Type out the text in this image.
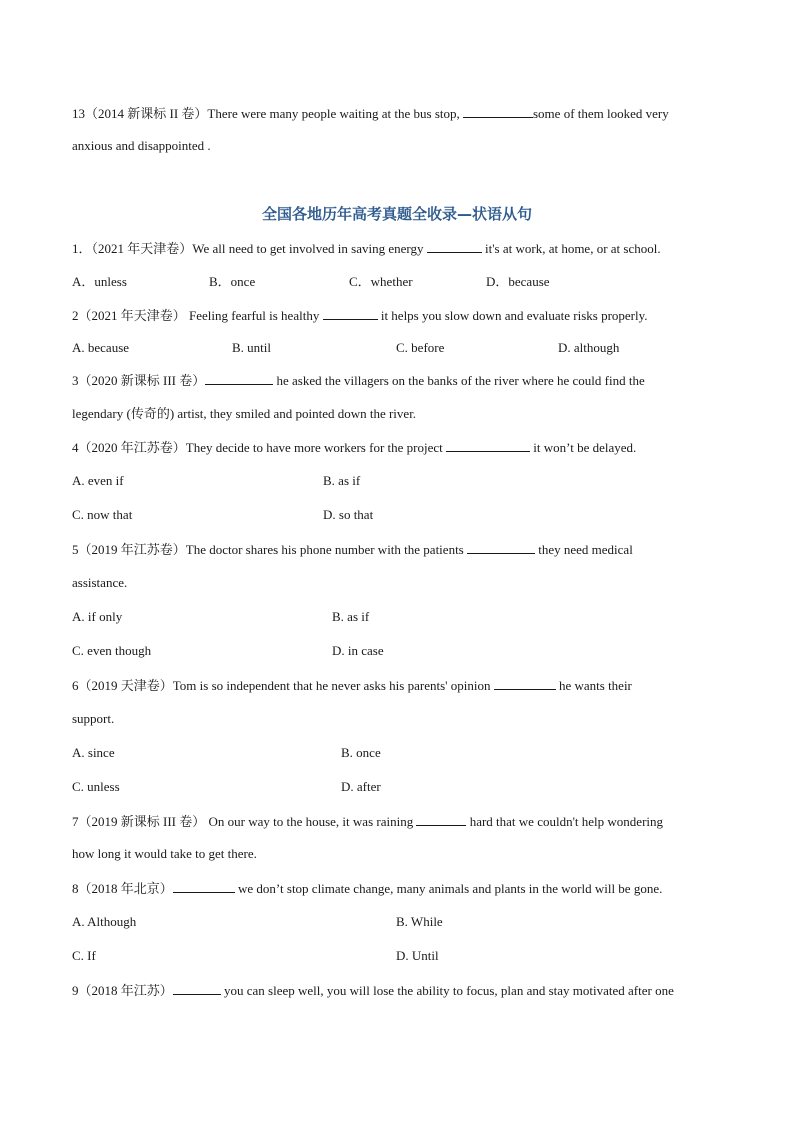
13（2014 新课标 II 卷）There were many people waiting at the bus stop,	some of them looked very
anxious and disappointed .
全国各地历年高考真题全收录—状语从句
1．（2021 年天津卷）We all need to get involved in saving energy	it's at work, at home, or at school.
A．unless	B．once	C．whether	D．because
2（2021 年天津卷） Feeling fearful is healthy	it helps you slow down and evaluate risks properly.
A. because	B. until	C. before	D. although
3（2020 新课标 III 卷）	he asked the villagers on the banks of the river where he could find the
legendary (传奇的) artist, they smiled and pointed down the river.
4（2020 年江苏卷）They decide to have more workers for the project	it won’t be delayed.
A. even if	B. as if
C. now that	D. so that
5（2019 年江苏卷）The doctor shares his phone number with the patients	they need medical
assistance.
A. if only	B. as if
C. even though	D. in case
6（2019 天津卷）Tom is so independent that he never asks his parents' opinion	he wants their
support.
A. since	B. once
C. unless	D. after
7（2019 新课标 III 卷） On our way to the house, it was raining	hard that we couldn't help wondering
how long it would take to get there.
8（2018 年北京）	we don’t stop climate change, many animals and plants in the world will be gone.
A. Although	B. While
C. If	D. Until
9（2018 年江苏）	you can sleep well, you will lose the ability to focus, plan and stay motivated after one
